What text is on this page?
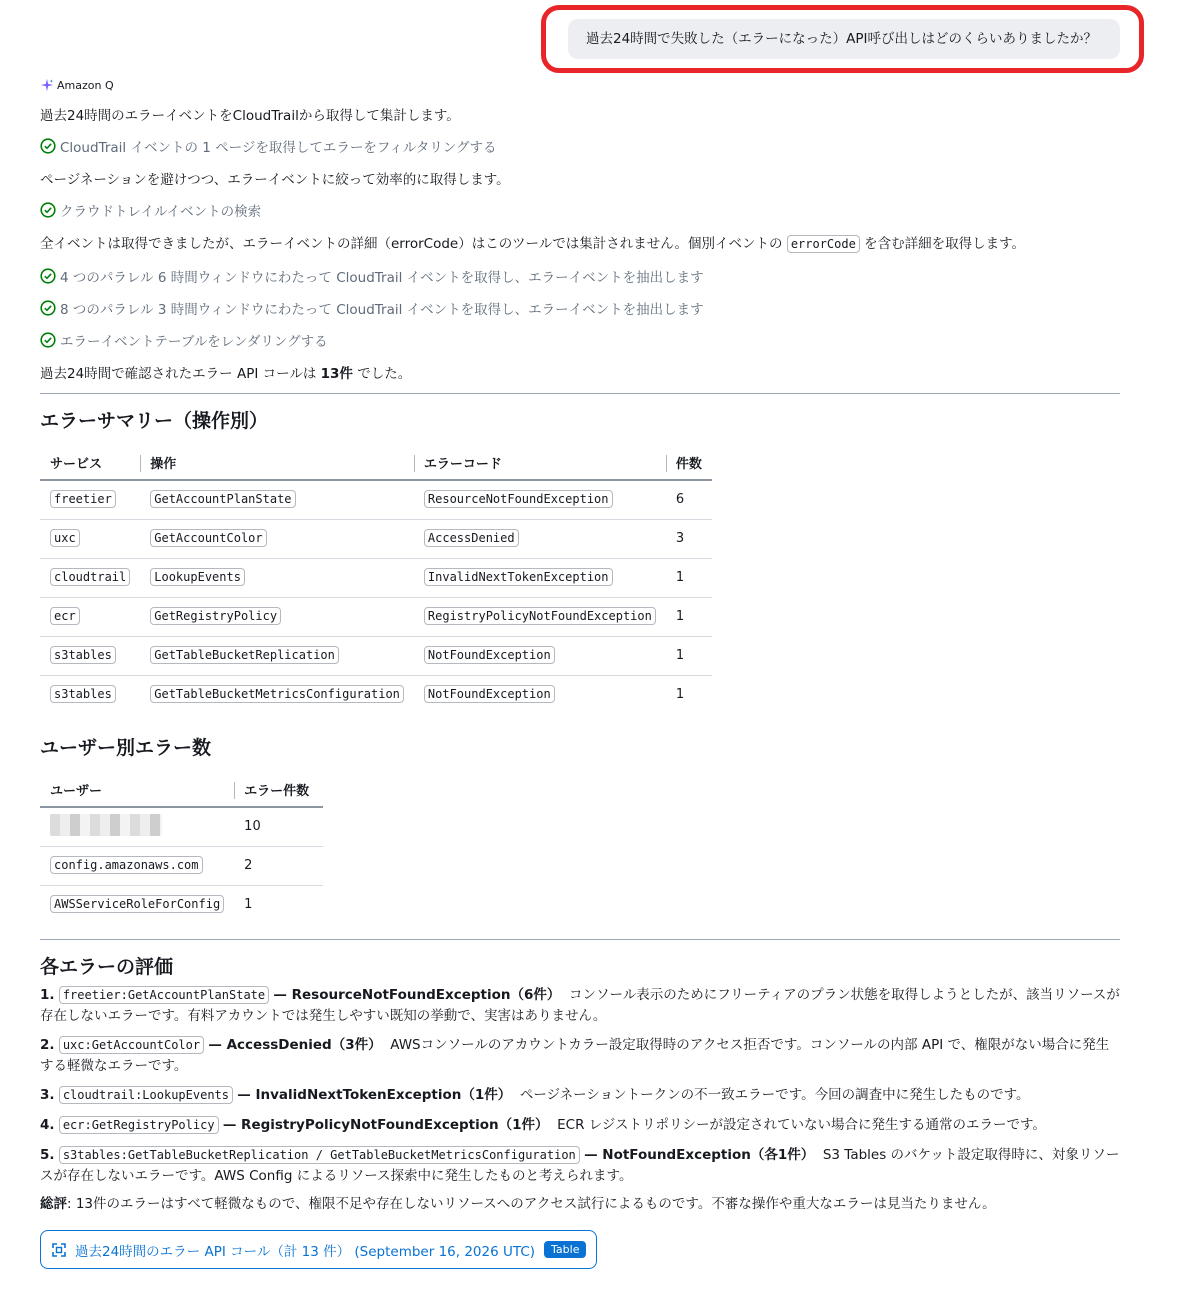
過去24時間で失敗した（エラーになった）API呼び出しはどのくらいありましたか？
Amazon Q
過去24時間のエラーイベントをCloudTrailから取得して集計します。
CloudTrail イベントの 1 ページを取得してエラーをフィルタリングする
ページネーションを避けつつ、エラーイベントに絞って効率的に取得します。
クラウドトレイルイベントの検索
全イベントは取得できましたが、エラーイベントの詳細（errorCode）はこのツールでは集計されません。個別イベントの errorCode を含む詳細を取得します。
4 つのパラレル 6 時間ウィンドウにわたって CloudTrail イベントを取得し、エラーイベントを抽出します
8 つのパラレル 3 時間ウィンドウにわたって CloudTrail イベントを取得し、エラーイベントを抽出します
エラーイベントテーブルをレンダリングする
過去24時間で確認されたエラー API コールは 13件 でした。
エラーサマリー（操作別）
サービス	操作	エラーコード	件数
freetier	GetAccountPlanState	ResourceNotFoundException	6
uxc	GetAccountColor	AccessDenied	3
cloudtrail	LookupEvents	InvalidNextTokenException	1
ecr	GetRegistryPolicy	RegistryPolicyNotFoundException	1
s3tables	GetTableBucketReplication	NotFoundException	1
s3tables	GetTableBucketMetricsConfiguration	NotFoundException	1
ユーザー別エラー数
ユーザー	エラー件数
	10
config.amazonaws.com	2
AWSServiceRoleForConfig	1
各エラーの評価
1. freetier:GetAccountPlanState — ResourceNotFoundException（6件） コンソール表示のためにフリーティアのプラン状態を取得しようとしたが、該当リソースが存在しないエラーです。有料アカウントでは発生しやすい既知の挙動で、実害はありません。
2. uxc:GetAccountColor — AccessDenied（3件） AWSコンソールのアカウントカラー設定取得時のアクセス拒否です。コンソールの内部 API で、権限がない場合に発生する軽微なエラーです。
3. cloudtrail:LookupEvents — InvalidNextTokenException（1件） ページネーショントークンの不一致エラーです。今回の調査中に発生したものです。
4. ecr:GetRegistryPolicy — RegistryPolicyNotFoundException（1件） ECR レジストリポリシーが設定されていない場合に発生する通常のエラーです。
5. s3tables:GetTableBucketReplication / GetTableBucketMetricsConfiguration — NotFoundException（各1件） S3 Tables のバケット設定取得時に、対象リソースが存在しないエラーです。AWS Config によるリソース探索中に発生したものと考えられます。
総評: 13件のエラーはすべて軽微なもので、権限不足や存在しないリソースへのアクセス試行によるものです。不審な操作や重大なエラーは見当たりません。
過去24時間のエラー API コール（計 13 件） (September 16, 2026 UTC)	Table
